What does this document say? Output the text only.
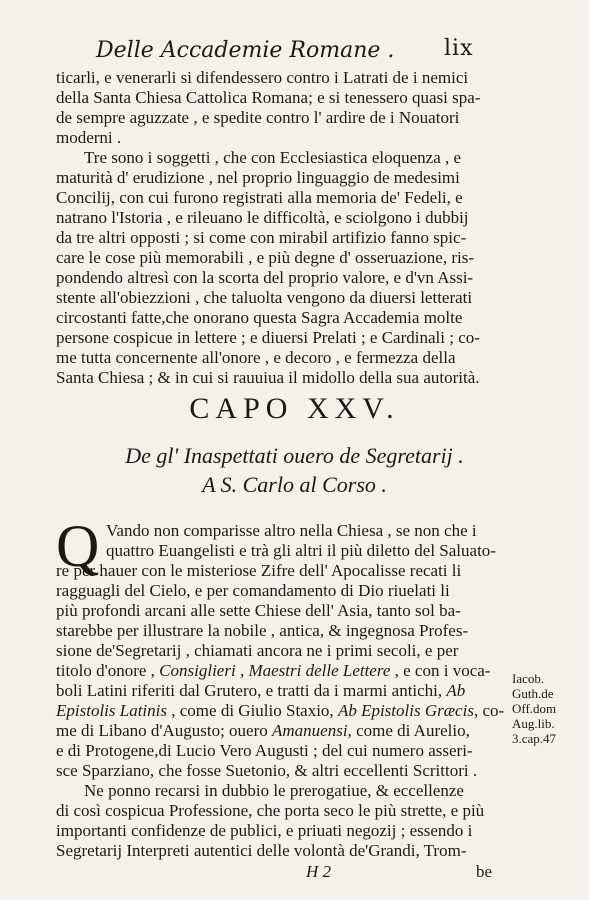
Delle Accademie Romane .	lix
ticarli, e venerarli si difendessero contro i Latrati de i nemici
della Santa Chiesa Cattolica Romana; e si tenessero quasi spa-
de sempre aguzzate , e spedite contro l' ardire de i Nouatori
moderni .
Tre sono i soggetti , che con Ecclesiastica eloquenza , e
maturità d' erudizione , nel proprio linguaggio de medesimi
Concilij, con cui furono registrati alla memoria de' Fedeli, e
natrano l'Istoria , e rileuano le difficoltà, e sciolgono i dubbij
da tre altri opposti ; si come con mirabil artifizio fanno spic-
care le cose più memorabili , e più degne d' osseruazione, ris-
pondendo altresì con la scorta del proprio valore, e d'vn Assi-
stente all'obiezzioni , che taluolta vengono da diuersi letterati
circostanti fatte,che onorano questa Sagra Accademia molte
persone cospicue in lettere ; e diuersi Prelati ; e Cardinali ; co-
me tutta concernente all'onore , e decoro , e fermezza della
Santa Chiesa ; & in cui si rauuiua il midollo della sua autorità.
CAPO XXV.
De gl' Inaspettati ouero de Segretarij .
A S. Carlo al Corso .
Q Vando non comparisse altro nella Chiesa , se non che i
quattro Euangelisti e trà gli altri il più diletto del Saluato-
re per hauer con le misteriose Zifre dell' Apocalisse recati li
ragguagli del Cielo, e per comandamento di Dio riuelati li
più profondi arcani alle sette Chiese dell' Asia, tanto sol ba-
starebbe per illustrare la nobile , antica, & ingegnosa Profes-
sione de'Segretarij , chiamati ancora ne i primi secoli, e per
titolo d'onore , Consiglieri , Maestri delle Lettere , e con i voca-
boli Latini riferiti dal Grutero, e tratti da i marmi antichi, Ab
Epistolis Latinis , come di Giulio Staxio, Ab Epistolis Græcis, co-
me di Libano d'Augusto; ouero Amanuensi, come di Aurelio,
e di Protogene,di Lucio Vero Augusti ; del cui numero asseri-
sce Sparziano, che fosse Suetonio, & altri eccellenti Scrittori .
Iacob.
Guth.de
Off.dom
Aug.lib.
3.cap.47
Ne ponno recarsi in dubbio le prerogatiue, & eccellenze
di così cospicua Professione, che porta seco le più strette, e più
importanti confidenze de publici, e priuati negozij ; essendo i
Segretarij Interpreti autentici delle volontà de'Grandi, Trom-
H 2	be
